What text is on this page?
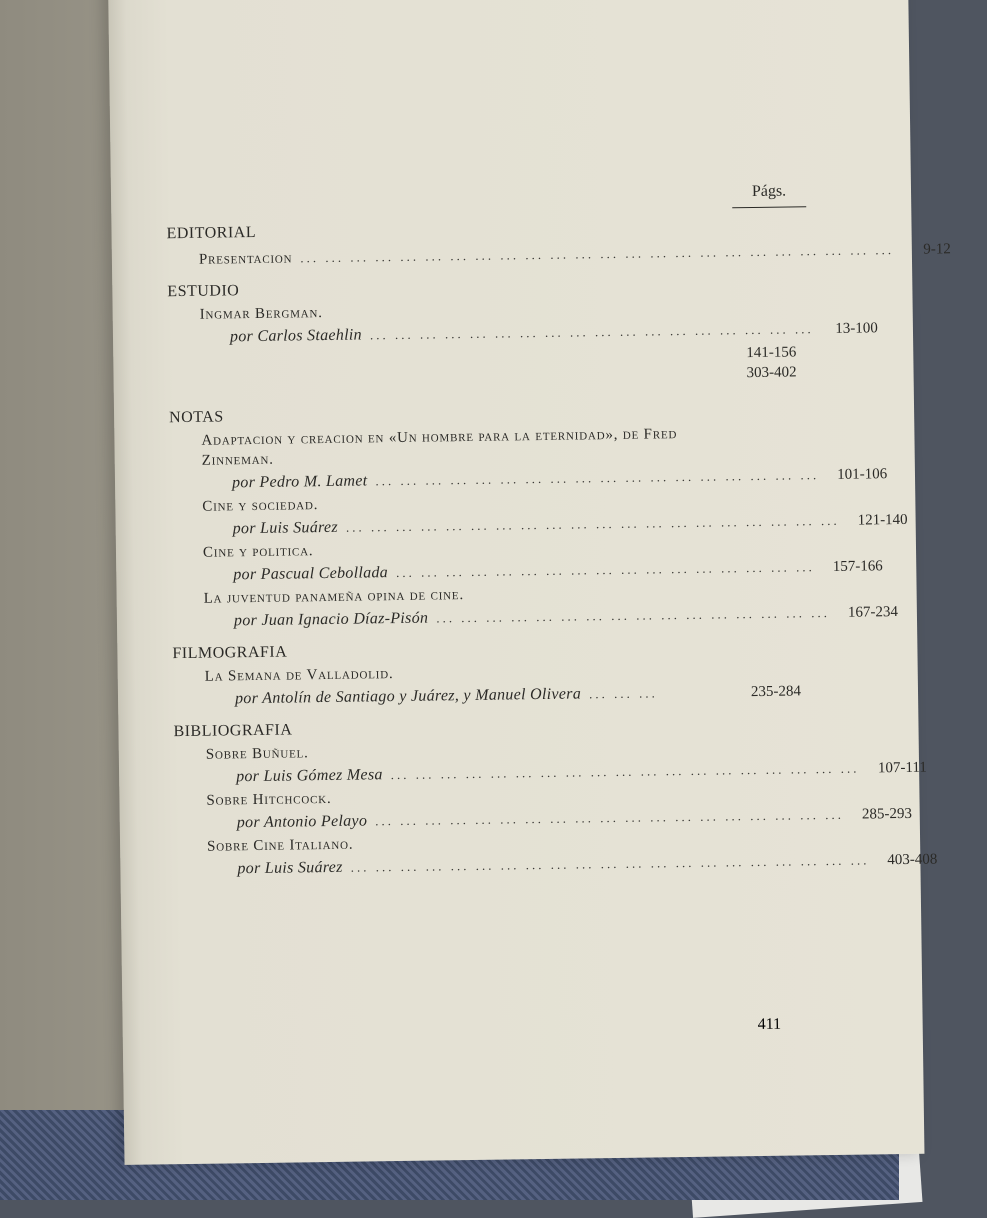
Págs.
EDITORIAL
Presentacion ... ... ... ... ... ... ... ... ... ... ... ... ... ... ... ... ... ... ... ... ... ... ... ...	9-12
ESTUDIO
Ingmar Bergman.
por Carlos Staehlin ... ... ... ... ... ... ... ... ... ... ... ... ... ... ... ... ... ...	13-100
141-156
303-402
NOTAS
Adaptacion y creacion en «Un hombre para la eternidad», de Fred Zinneman.
por Pedro M. Lamet ... ... ... ... ... ... ... ... ... ... ... ... ... ... ... ... ... ...	101-106
Cine y sociedad.
por Luis Suárez ... ... ... ... ... ... ... ... ... ... ... ... ... ... ... ... ... ... ... ...	121-140
Cine y politica.
por Pascual Cebollada ... ... ... ... ... ... ... ... ... ... ... ... ... ... ... ... ...	157-166
La juventud panameña opina de cine.
por Juan Ignacio Díaz-Pisón ... ... ... ... ... ... ... ... ... ... ... ... ... ... ... ...	167-234
FILMOGRAFIA
La Semana de Valladolid.
por Antolín de Santiago y Juárez, y Manuel Olivera ... ... ...	235-284
BIBLIOGRAFIA
Sobre Buñuel.
por Luis Gómez Mesa ... ... ... ... ... ... ... ... ... ... ... ... ... ... ... ... ... ... ...	107-111
Sobre Hitchcock.
por Antonio Pelayo ... ... ... ... ... ... ... ... ... ... ... ... ... ... ... ... ... ... ...	285-293
Sobre Cine Italiano.
por Luis Suárez ... ... ... ... ... ... ... ... ... ... ... ... ... ... ... ... ... ... ... ... ...	403-408
411
